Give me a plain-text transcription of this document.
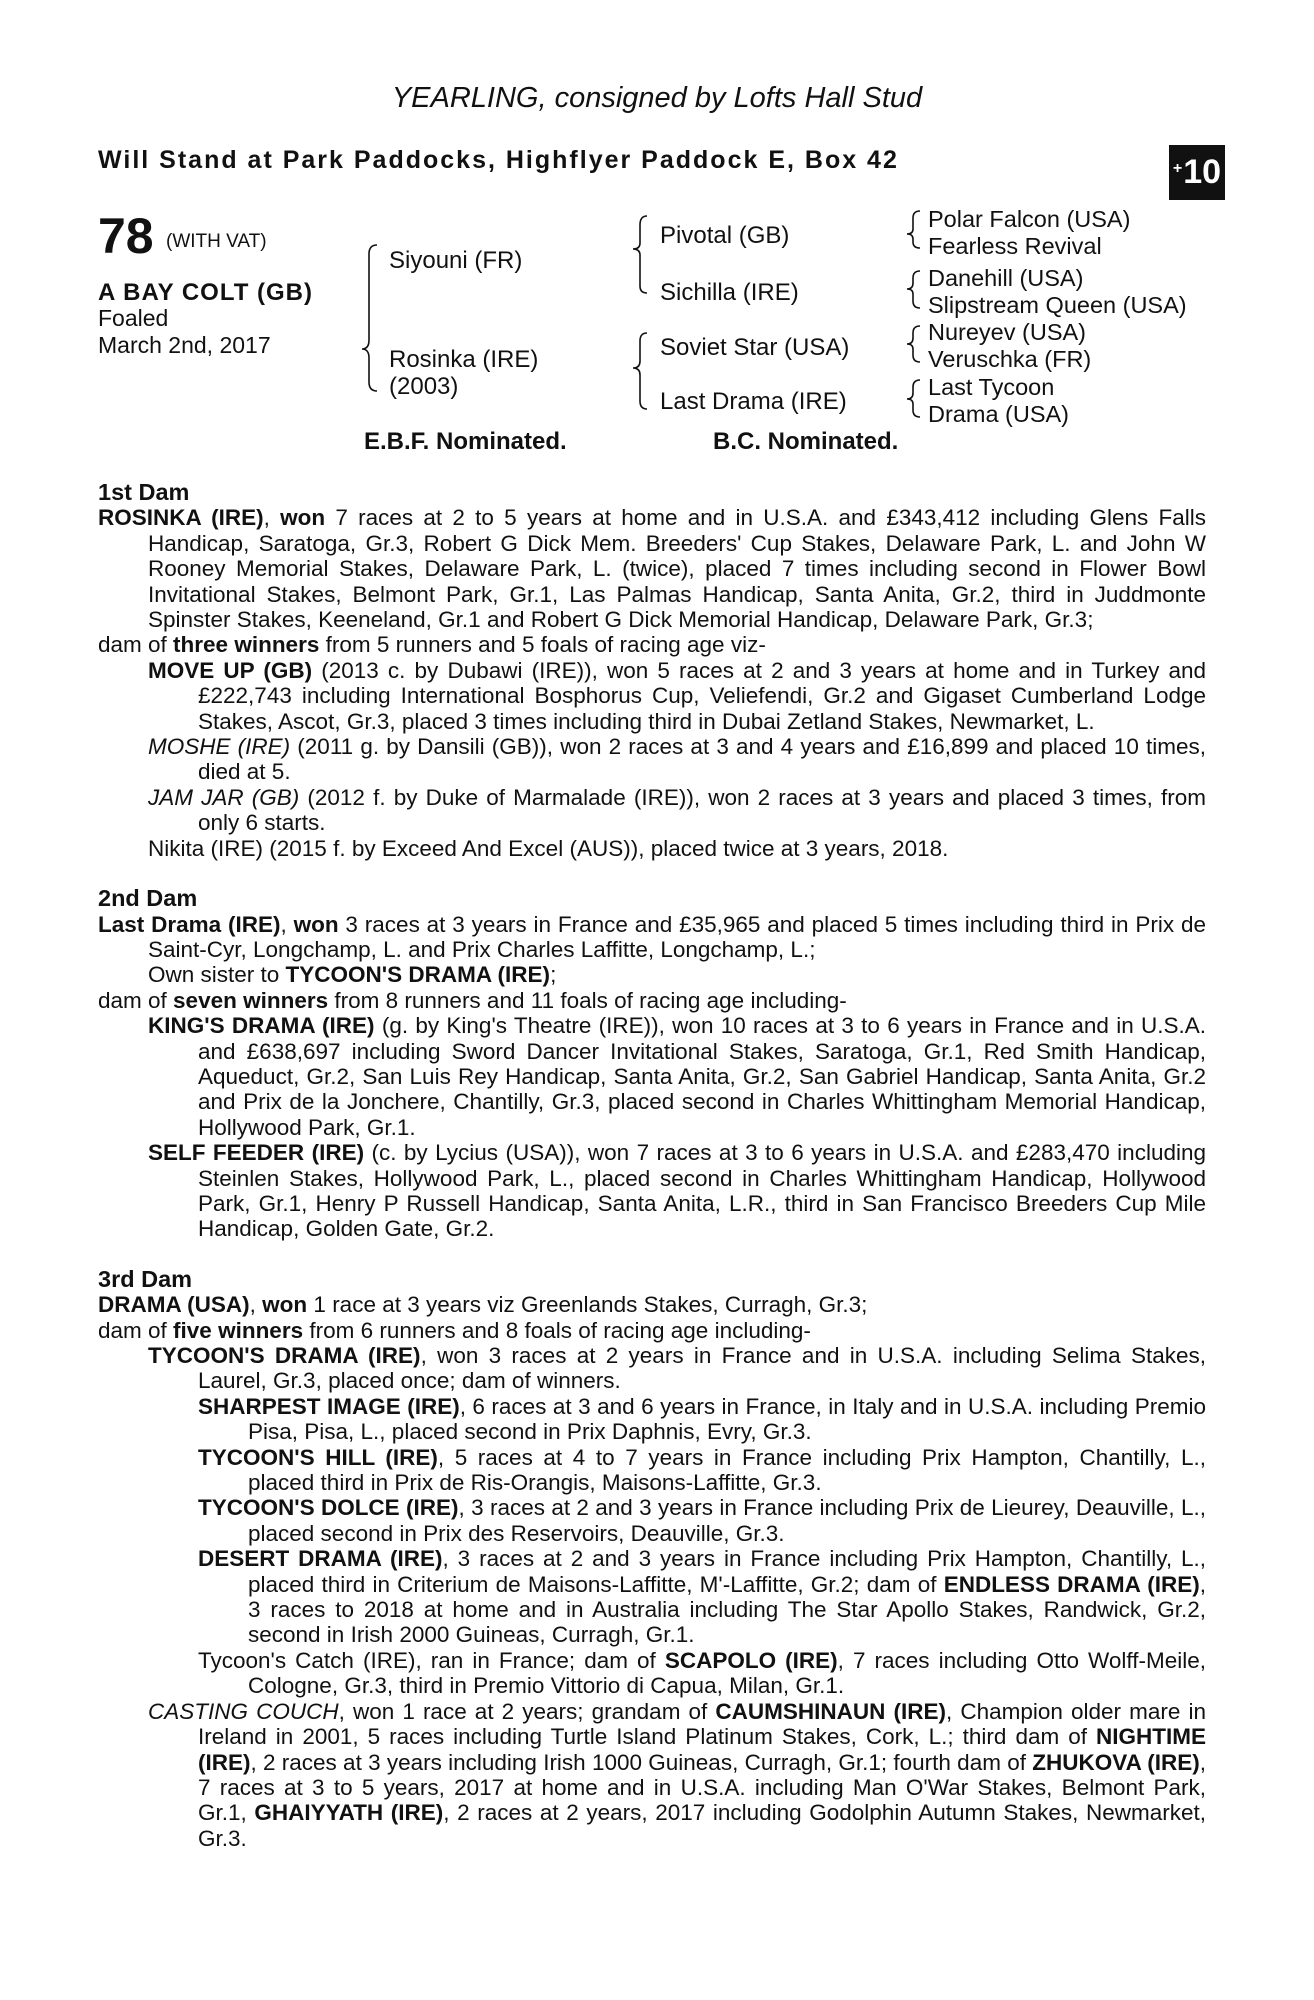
YEARLING, consigned by Lofts Hall Stud
Will Stand at Park Paddocks, Highflyer Paddock E, Box 42	+ 10
78 (WITH VAT)
A BAY COLT (GB)
Foaled
March 2nd, 2017
Siyouni (FR)
Rosinka (IRE)
(2003)
Pivotal (GB)
Sichilla (IRE)
Soviet Star (USA)
Last Drama (IRE)
Polar Falcon (USA)
Fearless Revival
Danehill (USA)
Slipstream Queen (USA)
Nureyev (USA)
Veruschka (FR)
Last Tycoon
Drama (USA)
E.B.F. Nominated.	B.C. Nominated.
1st Dam
ROSINKA (IRE), won 7 races at 2 to 5 years at home and in U.S.A. and £343,412 including Glens Falls Handicap, Saratoga, Gr.3, Robert G Dick Mem. Breeders' Cup Stakes, Delaware Park, L. and John W Rooney Memorial Stakes, Delaware Park, L. (twice), placed 7 times including second in Flower Bowl Invitational Stakes, Belmont Park, Gr.1, Las Palmas Handicap, Santa Anita, Gr.2, third in Juddmonte Spinster Stakes, Keeneland, Gr.1 and Robert G Dick Memorial Handicap, Delaware Park, Gr.3;
dam of three winners from 5 runners and 5 foals of racing age viz-
MOVE UP (GB) (2013 c. by Dubawi (IRE)), won 5 races at 2 and 3 years at home and in Turkey and £222,743 including International Bosphorus Cup, Veliefendi, Gr.2 and Gigaset Cumberland Lodge Stakes, Ascot, Gr.3, placed 3 times including third in Dubai Zetland Stakes, Newmarket, L.
MOSHE (IRE) (2011 g. by Dansili (GB)), won 2 races at 3 and 4 years and £16,899 and placed 10 times, died at 5.
JAM JAR (GB) (2012 f. by Duke of Marmalade (IRE)), won 2 races at 3 years and placed 3 times, from only 6 starts.
Nikita (IRE) (2015 f. by Exceed And Excel (AUS)), placed twice at 3 years, 2018.
2nd Dam
Last Drama (IRE), won 3 races at 3 years in France and £35,965 and placed 5 times including third in Prix de Saint-Cyr, Longchamp, L. and Prix Charles Laffitte, Longchamp, L.;
Own sister to TYCOON'S DRAMA (IRE);
dam of seven winners from 8 runners and 11 foals of racing age including-
KING'S DRAMA (IRE) (g. by King's Theatre (IRE)), won 10 races at 3 to 6 years in France and in U.S.A. and £638,697 including Sword Dancer Invitational Stakes, Saratoga, Gr.1, Red Smith Handicap, Aqueduct, Gr.2, San Luis Rey Handicap, Santa Anita, Gr.2, San Gabriel Handicap, Santa Anita, Gr.2 and Prix de la Jonchere, Chantilly, Gr.3, placed second in Charles Whittingham Memorial Handicap, Hollywood Park, Gr.1.
SELF FEEDER (IRE) (c. by Lycius (USA)), won 7 races at 3 to 6 years in U.S.A. and £283,470 including Steinlen Stakes, Hollywood Park, L., placed second in Charles Whittingham Handicap, Hollywood Park, Gr.1, Henry P Russell Handicap, Santa Anita, L.R., third in San Francisco Breeders Cup Mile Handicap, Golden Gate, Gr.2.
3rd Dam
DRAMA (USA), won 1 race at 3 years viz Greenlands Stakes, Curragh, Gr.3;
dam of five winners from 6 runners and 8 foals of racing age including-
TYCOON'S DRAMA (IRE), won 3 races at 2 years in France and in U.S.A. including Selima Stakes, Laurel, Gr.3, placed once; dam of winners.
SHARPEST IMAGE (IRE), 6 races at 3 and 6 years in France, in Italy and in U.S.A. including Premio Pisa, Pisa, L., placed second in Prix Daphnis, Evry, Gr.3.
TYCOON'S HILL (IRE), 5 races at 4 to 7 years in France including Prix Hampton, Chantilly, L., placed third in Prix de Ris-Orangis, Maisons-Laffitte, Gr.3.
TYCOON'S DOLCE (IRE), 3 races at 2 and 3 years in France including Prix de Lieurey, Deauville, L., placed second in Prix des Reservoirs, Deauville, Gr.3.
DESERT DRAMA (IRE), 3 races at 2 and 3 years in France including Prix Hampton, Chantilly, L., placed third in Criterium de Maisons-Laffitte, M'-Laffitte, Gr.2; dam of ENDLESS DRAMA (IRE), 3 races to 2018 at home and in Australia including The Star Apollo Stakes, Randwick, Gr.2, second in Irish 2000 Guineas, Curragh, Gr.1.
Tycoon's Catch (IRE), ran in France; dam of SCAPOLO (IRE), 7 races including Otto Wolff-Meile, Cologne, Gr.3, third in Premio Vittorio di Capua, Milan, Gr.1.
CASTING COUCH, won 1 race at 2 years; grandam of CAUMSHINAUN (IRE), Champion older mare in Ireland in 2001, 5 races including Turtle Island Platinum Stakes, Cork, L.; third dam of NIGHTIME (IRE), 2 races at 3 years including Irish 1000 Guineas, Curragh, Gr.1; fourth dam of ZHUKOVA (IRE), 7 races at 3 to 5 years, 2017 at home and in U.S.A. including Man O'War Stakes, Belmont Park, Gr.1, GHAIYYATH (IRE), 2 races at 2 years, 2017 including Godolphin Autumn Stakes, Newmarket, Gr.3.
